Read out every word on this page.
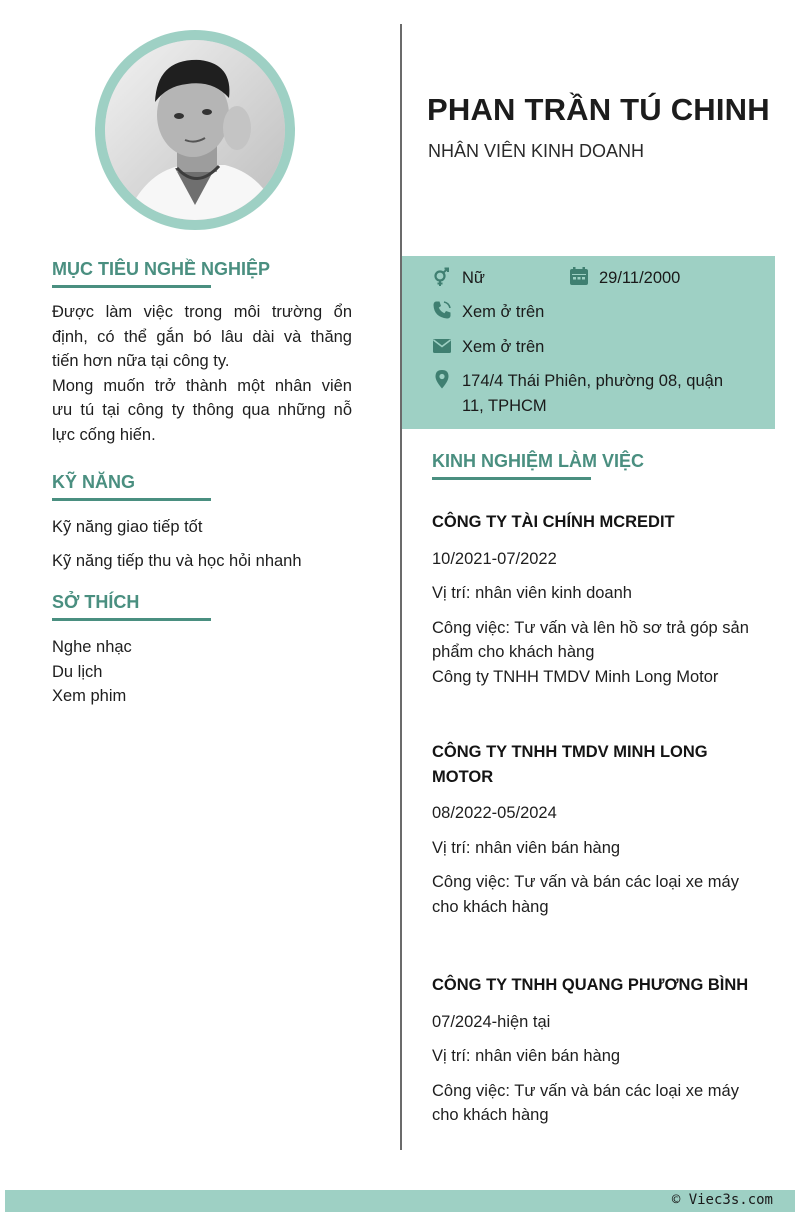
MỤC TIÊU NGHỀ NGHIỆP

Được làm việc trong môi trường ổn

định, có thể gắn bó lâu dài và thăng

tiến hơn nữa tại công ty.

Mong muốn trở thành một nhân viên

ưu tú tại công ty thông qua những nỗ

lực cống hiến.

KỸ NĂNG

Kỹ năng giao tiếp tốt

Kỹ năng tiếp thu và học hỏi nhanh

SỞ THÍCH

Nghe nhạc

Du lịch

Xem phim

PHAN TRẦN TÚ CHINH

NHÂN VIÊN KINH DOANH

Nữ	29/11/2000
Xem ở trên
Xem ở trên
174/4 Thái Phiên, phường 08, quận
11, TPHCM

KINH NGHIỆM LÀM VIỆC

CÔNG TY TÀI CHÍNH MCREDIT

10/2021-07/2022

Vị trí: nhân viên kinh doanh

Công việc: Tư vấn và lên hồ sơ trả góp sản

phẩm cho khách hàng

Công ty TNHH TMDV Minh Long Motor

CÔNG TY TNHH TMDV MINH LONG

MOTOR

08/2022-05/2024

Vị trí: nhân viên bán hàng

Công việc: Tư vấn và bán các loại xe máy

cho khách hàng

CÔNG TY TNHH QUANG PHƯƠNG BÌNH

07/2024-hiện tại

Vị trí: nhân viên bán hàng

Công việc: Tư vấn và bán các loại xe máy

cho khách hàng

© Viec3s.com
